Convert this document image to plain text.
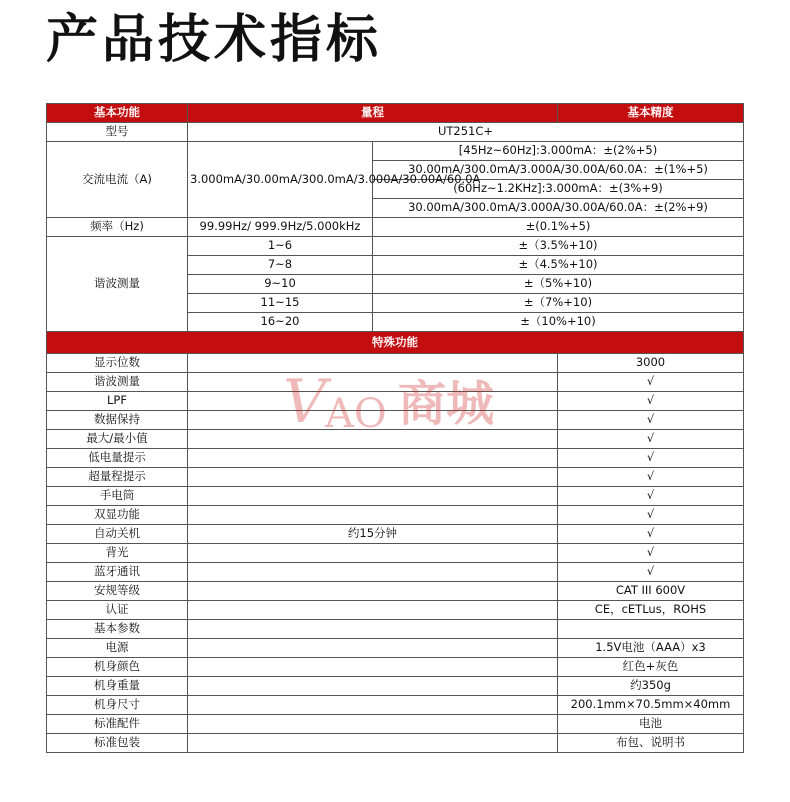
产品技术指标
基本功能	量程		基本精度
型号	UT251C+		
交流电流（A)	3.000mA/30.00mA/300.0mA/3.000A/30.00A/60.0A	[45Hz~60Hz]:3.000mA：±(2%+5)	
		30.00mA/300.0mA/3.000A/30.00A/60.0A：±(1%+5)	
		(60Hz~1.2KHz]:3.000mA：±(3%+9)	
		30.00mA/300.0mA/3.000A/30.00A/60.0A：±(2%+9)	
频率（Hz)	99.99Hz/ 999.9Hz/5.000kHz	±(0.1%+5)	
谐波测量	1~6	±（3.5%+10)	
	7~8	±（4.5%+10)	
	9~10	±（5%+10)	
	11~15	±（7%+10)	
	16~20	±（10%+10)	
特殊功能			
显示位数			3000
谐波测量			√
LPF			√
数据保持			√
最大/最小值			√
低电量提示			√
超量程提示			√
手电筒			√
双显功能			√
自动关机	约15分钟		√
背光			√
蓝牙通讯			√
安规等级			CAT III 600V
认证			CE，cETLus，ROHS
基本参数			
电源			1.5V电池（AAA）x3
机身颜色			红色+灰色
机身重量			约350g
机身尺寸			200.1mm×70.5mm×40mm
标准配件			电池
标准包装			布包、说明书
V
AO 商城
